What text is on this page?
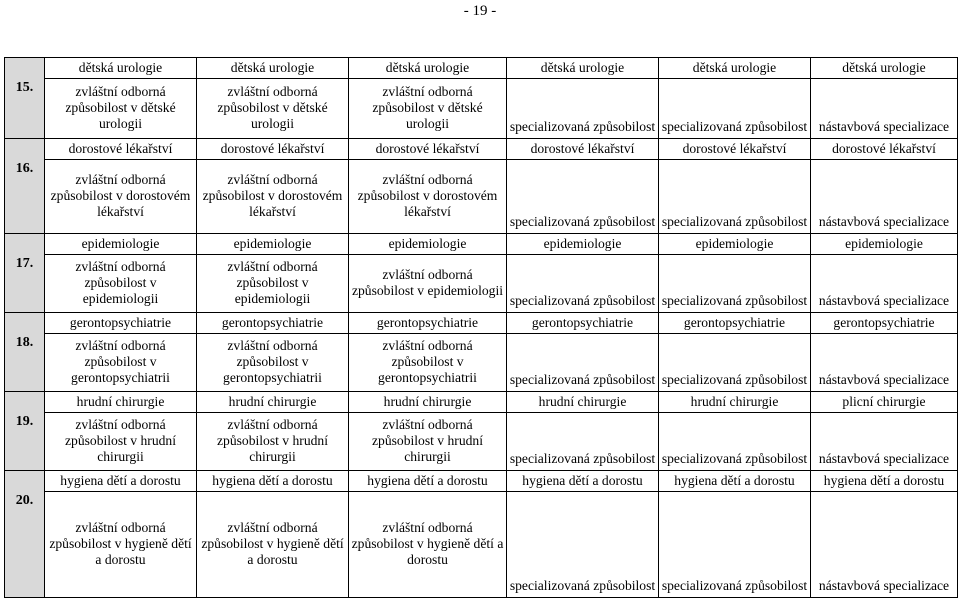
- 19 -
15.	dětská urologie	dětská urologie	dětská urologie	dětská urologie	dětská urologie	dětská urologie
	zvláštní odborná způsobilost v dětské urologii	zvláštní odborná způsobilost v dětské urologii	zvláštní odborná způsobilost v dětské urologii	specializovaná způsobilost	specializovaná způsobilost	nástavbová specializace
16.	dorostové lékařství	dorostové lékařství	dorostové lékařství	dorostové lékařství	dorostové lékařství	dorostové lékařství
	zvláštní odborná způsobilost v dorostovém lékařství	zvláštní odborná způsobilost v dorostovém lékařství	zvláštní odborná způsobilost v dorostovém lékařství	specializovaná způsobilost	specializovaná způsobilost	nástavbová specializace
17.	epidemiologie	epidemiologie	epidemiologie	epidemiologie	epidemiologie	epidemiologie
	zvláštní odborná způsobilost v epidemiologii	zvláštní odborná způsobilost v epidemiologii	zvláštní odborná způsobilost v epidemiologii	specializovaná způsobilost	specializovaná způsobilost	nástavbová specializace
18.	gerontopsychiatrie	gerontopsychiatrie	gerontopsychiatrie	gerontopsychiatrie	gerontopsychiatrie	gerontopsychiatrie
	zvláštní odborná způsobilost v gerontopsychiatrii	zvláštní odborná způsobilost v gerontopsychiatrii	zvláštní odborná způsobilost v gerontopsychiatrii	specializovaná způsobilost	specializovaná způsobilost	nástavbová specializace
19.	hrudní chirurgie	hrudní chirurgie	hrudní chirurgie	hrudní chirurgie	hrudní chirurgie	plicní chirurgie
	zvláštní odborná způsobilost v hrudní chirurgii	zvláštní odborná způsobilost v hrudní chirurgii	zvláštní odborná způsobilost v hrudní chirurgii	specializovaná způsobilost	specializovaná způsobilost	nástavbová specializace
20.	hygiena dětí a dorostu	hygiena dětí a dorostu	hygiena dětí a dorostu	hygiena dětí a dorostu	hygiena dětí a dorostu	hygiena dětí a dorostu
	zvláštní odborná způsobilost v hygieně dětí a dorostu	zvláštní odborná způsobilost v hygieně dětí a dorostu	zvláštní odborná způsobilost v hygieně dětí a dorostu	specializovaná způsobilost	specializovaná způsobilost	nástavbová specializace
